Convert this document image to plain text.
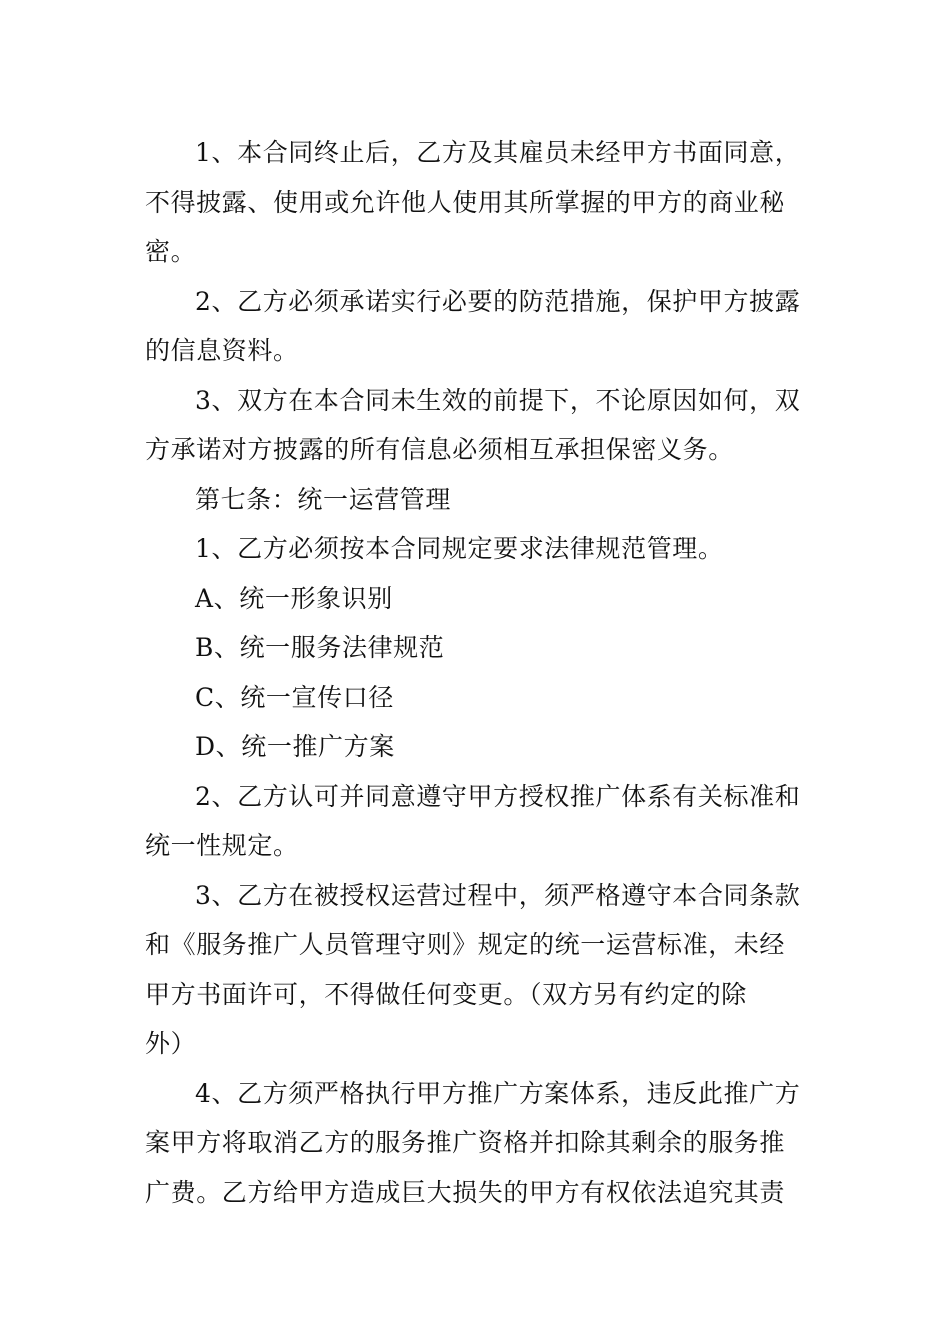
1、本合同终止后，乙方及其雇员未经甲方书面同意，
不得披露、使用或允许他人使用其所掌握的甲方的商业秘
密。
2、乙方必须承诺实行必要的防范措施，保护甲方披露
的信息资料。
3、双方在本合同未生效的前提下，不论原因如何，双
方承诺对方披露的所有信息必须相互承担保密义务。
第七条：统一运营管理
1、乙方必须按本合同规定要求法律规范管理。
A、统一形象识别
B、统一服务法律规范
C、统一宣传口径
D、统一推广方案
2、乙方认可并同意遵守甲方授权推广体系有关标准和
统一性规定。
3、乙方在被授权运营过程中，须严格遵守本合同条款
和《服务推广人员管理守则》规定的统一运营标准，未经
甲方书面许可，不得做任何变更。（双方另有约定的除
外）
4、乙方须严格执行甲方推广方案体系，违反此推广方
案甲方将取消乙方的服务推广资格并扣除其剩余的服务推
广费。乙方给甲方造成巨大损失的甲方有权依法追究其责
